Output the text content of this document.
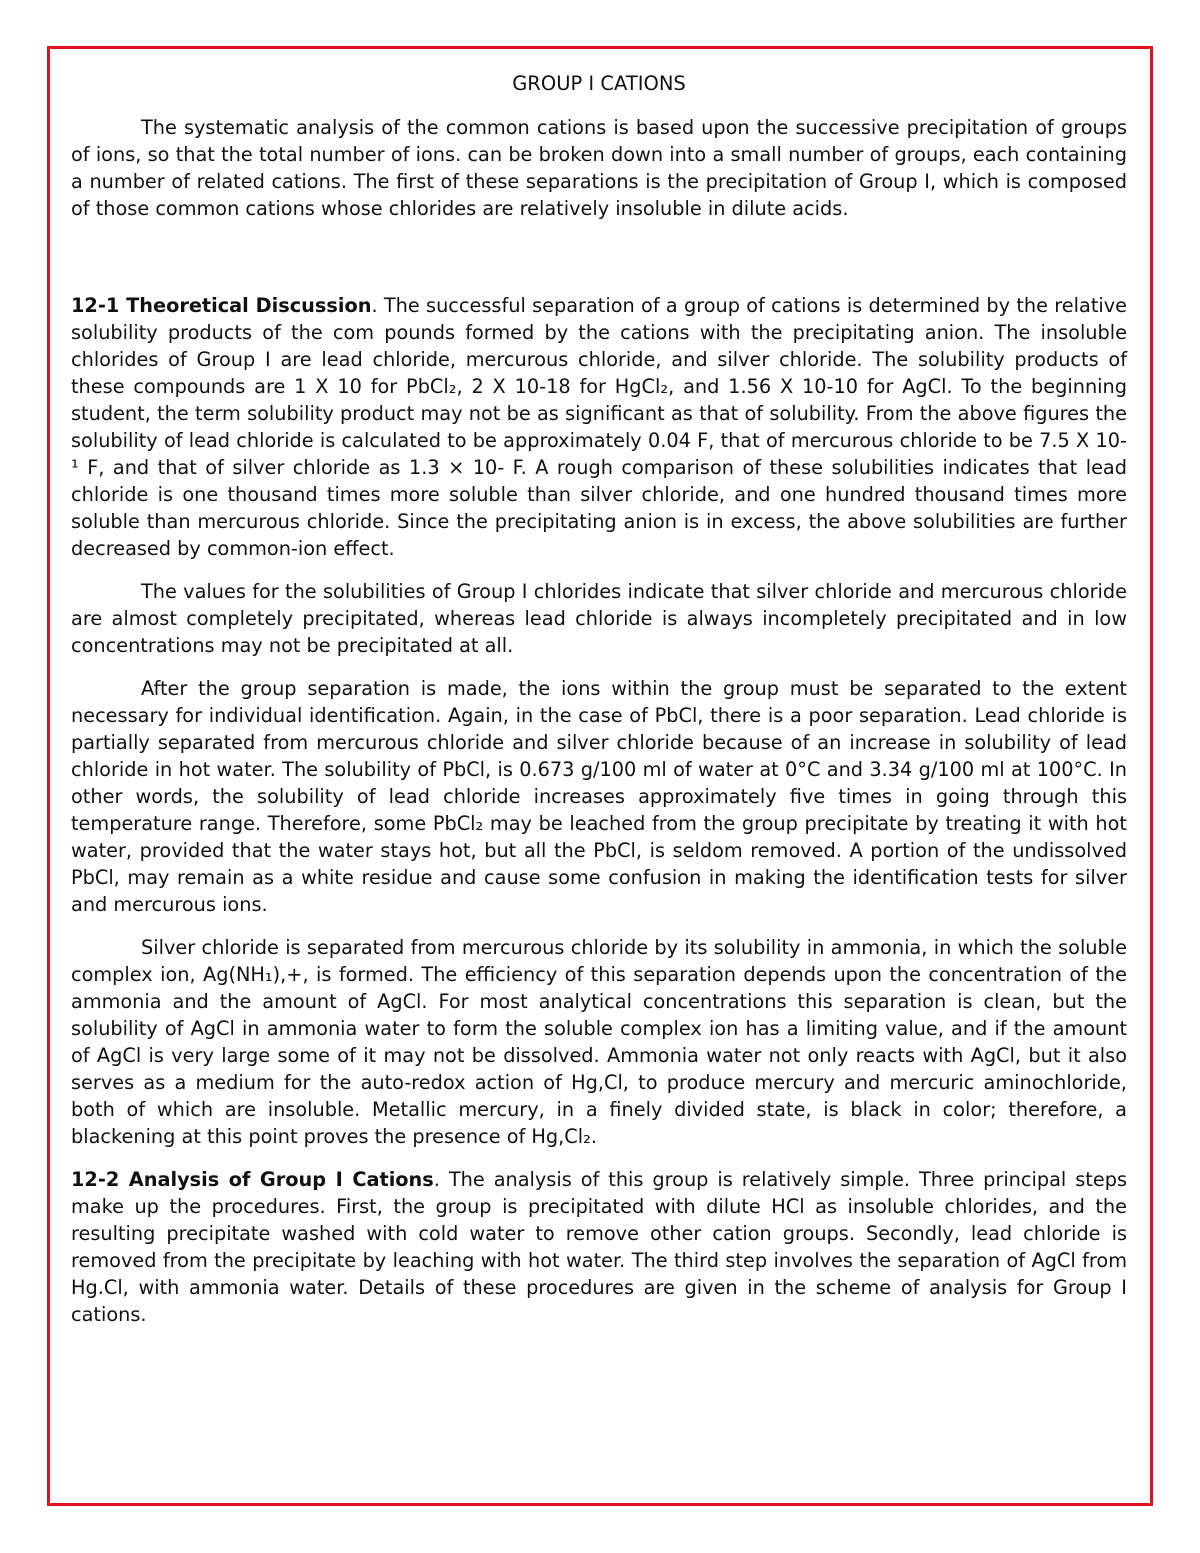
GROUP I CATIONS

The systematic analysis of the common cations is based upon the successive precipitation of groups of ions, so that the total number of ions. can be broken down into a small number of groups, each containing a number of related cations. The first of these separations is the precipitation of Group I, which is composed of those common cations whose chlorides are relatively insoluble in dilute acids.

12-1 Theoretical Discussion. The successful separation of a group of cations is determined by the relative solubility products of the com pounds formed by the cations with the precipitating anion. The insoluble chlorides of Group I are lead chloride, mercurous chloride, and silver chloride. The solubility products of these compounds are 1 X 10 for PbCl₂, 2 X 10-18 for HgCl₂, and 1.56 X 10-10 for AgCl. To the beginning student, the term solubility product may not be as significant as that of solubility. From the above figures the solubility of lead chloride is calculated to be approximately 0.04 F, that of mercurous chloride to be 7.5 X 10-¹ F, and that of silver chloride as 1.3 × 10- F. A rough comparison of these solubilities indicates that lead chloride is one thousand times more soluble than silver chloride, and one hundred thousand times more soluble than mercurous chloride. Since the precipitating anion is in excess, the above solubilities are further decreased by common-ion effect.

The values for the solubilities of Group I chlorides indicate that silver chloride and mercurous chloride are almost completely precipitated, whereas lead chloride is always incompletely precipitated and in low concentrations may not be precipitated at all.

After the group separation is made, the ions within the group must be separated to the extent necessary for individual identification. Again, in the case of PbCl, there is a poor separation. Lead chloride is partially separated from mercurous chloride and silver chloride because of an increase in solubility of lead chloride in hot water. The solubility of PbCl, is 0.673 g/100 ml of water at 0°C and 3.34 g/100 ml at 100°C. In other words, the solubility of lead chloride increases approximately five times in going through this temperature range. Therefore, some PbCl₂ may be leached from the group precipitate by treating it with hot water, provided that the water stays hot, but all the PbCl, is seldom removed. A portion of the undissolved PbCl, may remain as a white residue and cause some confusion in making the identification tests for silver and mercurous ions.

Silver chloride is separated from mercurous chloride by its solubility in ammonia, in which the soluble complex ion, Ag(NH₁),+, is formed. The efficiency of this separation depends upon the concentration of the ammonia and the amount of AgCl. For most analytical concentrations this separation is clean, but the solubility of AgCl in ammonia water to form the soluble complex ion has a limiting value, and if the amount of AgCl is very large some of it may not be dissolved. Ammonia water not only reacts with AgCl, but it also serves as a medium for the auto-redox action of Hg,Cl, to produce mercury and mercuric aminochloride, both of which are insoluble. Metallic mercury, in a finely divided state, is black in color; therefore, a blackening at this point proves the presence of Hg,Cl₂.

12-2 Analysis of Group I Cations. The analysis of this group is relatively simple. Three principal steps make up the procedures. First, the group is precipitated with dilute HCl as insoluble chlorides, and the resulting precipitate washed with cold water to remove other cation groups. Secondly, lead chloride is removed from the precipitate by leaching with hot water. The third step involves the separation of AgCl from Hg.Cl, with ammonia water. Details of these procedures are given in the scheme of analysis for Group I cations.
